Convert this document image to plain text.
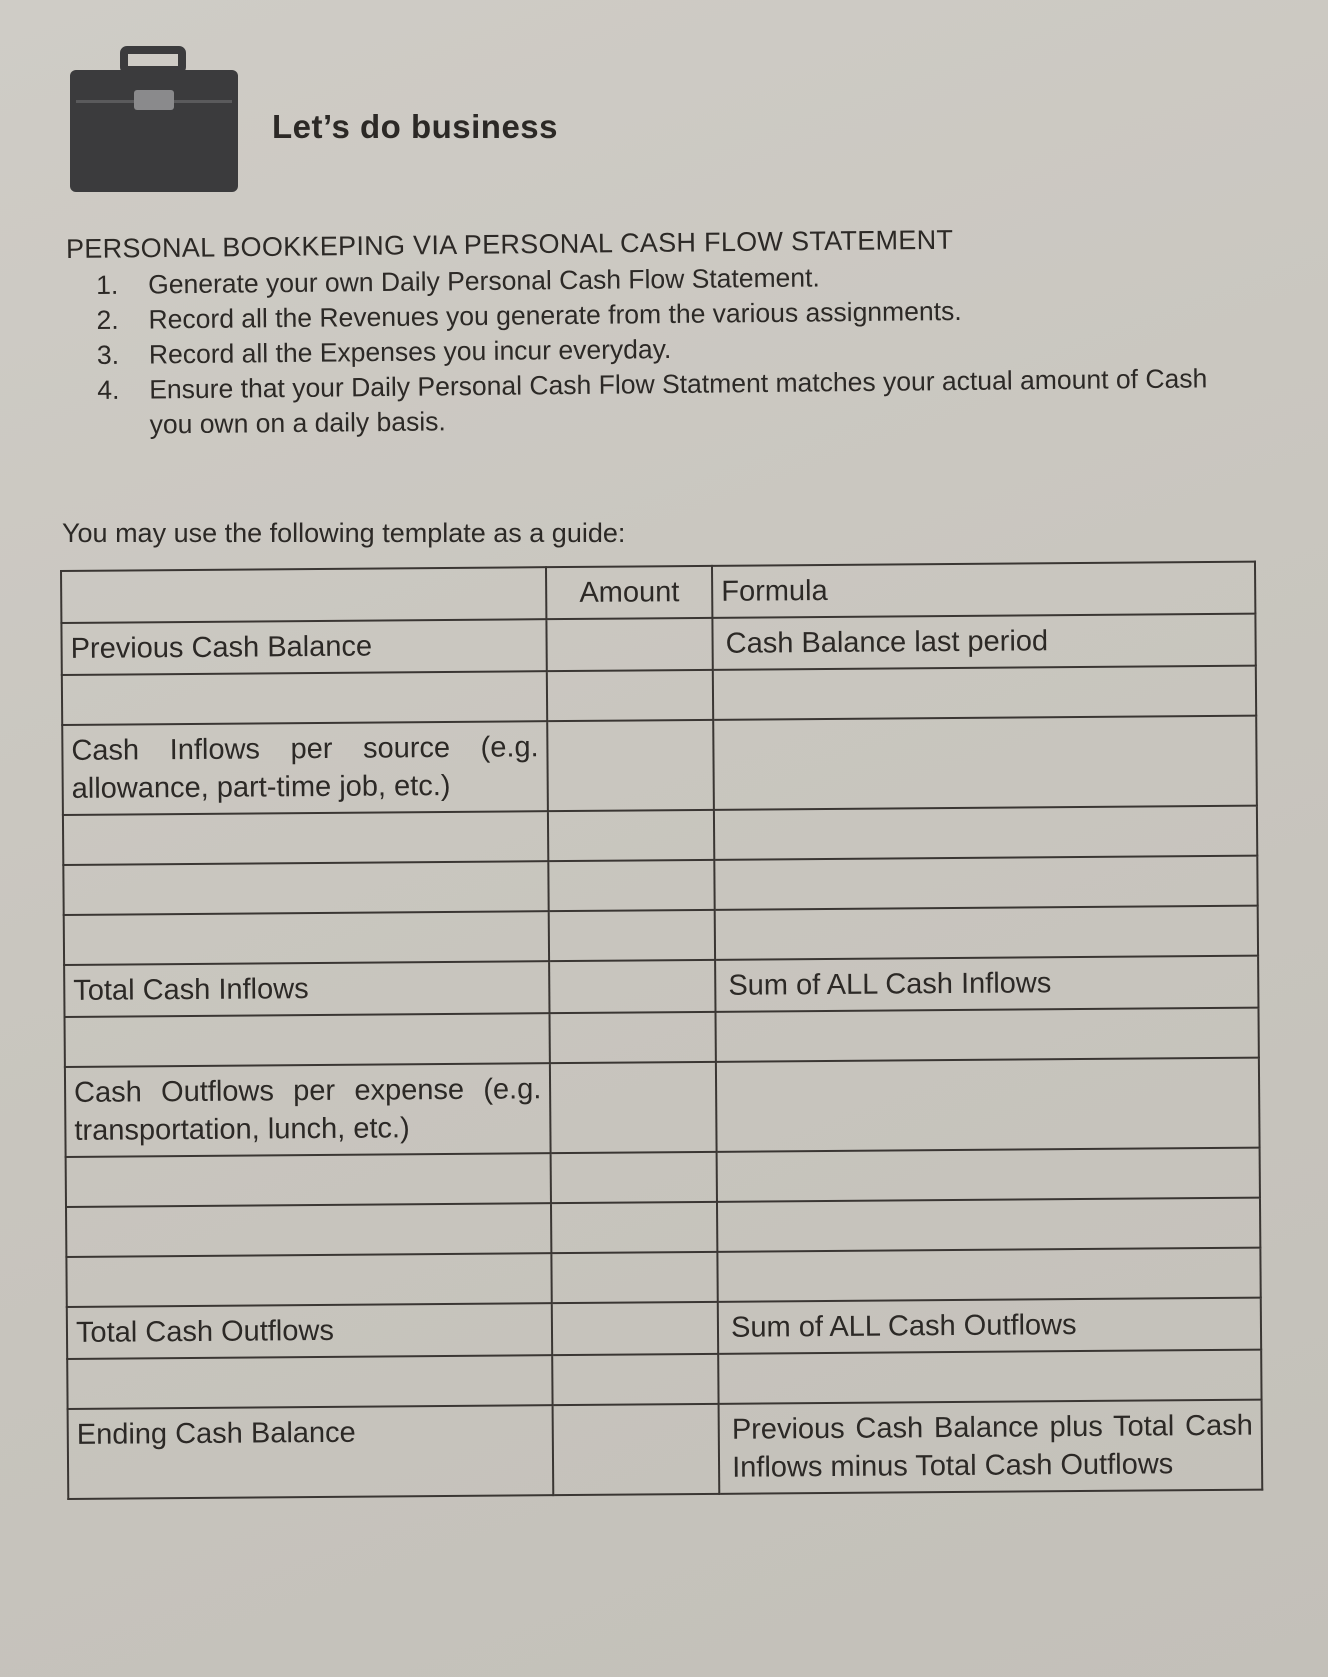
Let’s do business
PERSONAL BOOKKEPING VIA PERSONAL CASH FLOW STATEMENT
1.	Generate your own Daily Personal Cash Flow Statement.
2.	Record all the Revenues you generate from the various assignments.
3.	Record all the Expenses you incur everyday.
4.	Ensure that your Daily Personal Cash Flow Statment matches your actual amount of Cash you own on a daily basis.
You may use the following template as a guide:
	Amount	Formula
Previous Cash Balance		Cash Balance last period

Cash Inflows per source (e.g. allowance, part-time job, etc.)		

Total Cash Inflows		Sum of ALL Cash Inflows

Cash Outflows per expense (e.g. transportation, lunch, etc.)		

Total Cash Outflows		Sum of ALL Cash Outflows

Ending Cash Balance		Previous Cash Balance plus Total Cash Inflows minus Total Cash Outflows
